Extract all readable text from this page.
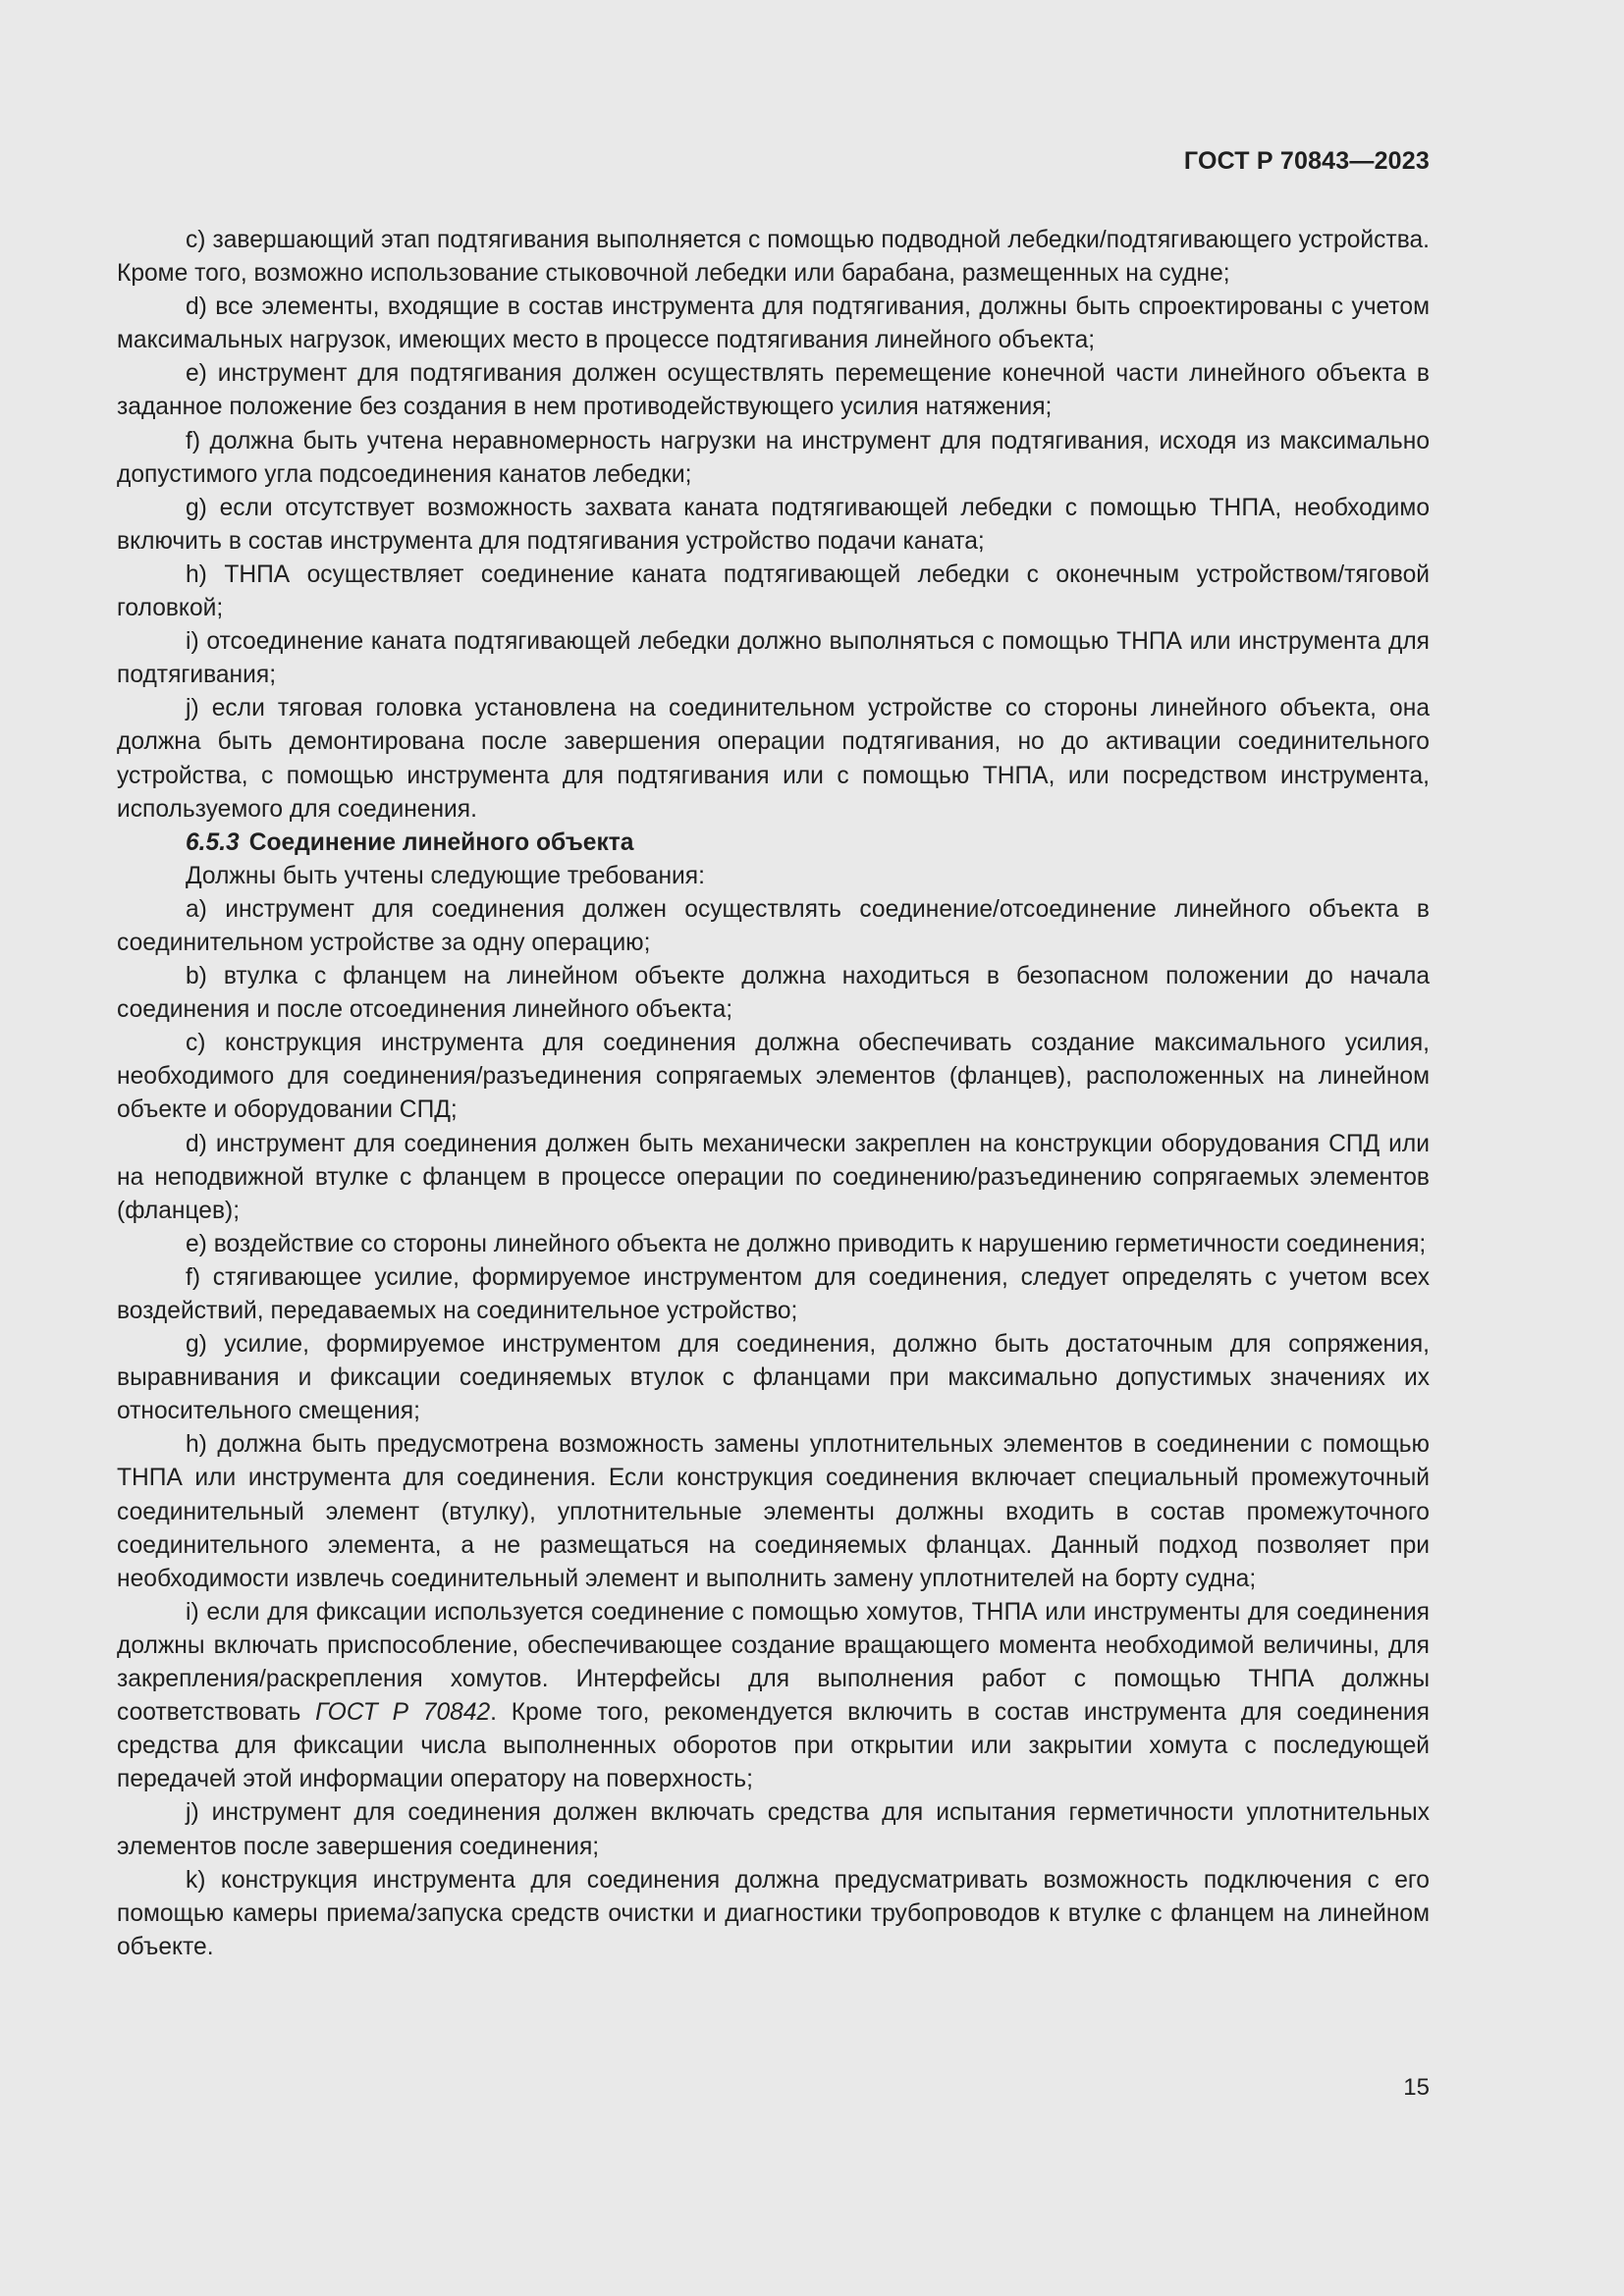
ГОСТ Р 70843—2023

c) завершающий этап подтягивания выполняется с помощью подводной лебедки/подтягивающего устройства. Кроме того, возможно использование стыковочной лебедки или барабана, размещенных на судне;

d) все элементы, входящие в состав инструмента для подтягивания, должны быть спроектированы с учетом максимальных нагрузок, имеющих место в процессе подтягивания линейного объекта;

e) инструмент для подтягивания должен осуществлять перемещение конечной части линейного объекта в заданное положение без создания в нем противодействующего усилия натяжения;

f) должна быть учтена неравномерность нагрузки на инструмент для подтягивания, исходя из максимально допустимого угла подсоединения канатов лебедки;

g) если отсутствует возможность захвата каната подтягивающей лебедки с помощью ТНПА, необходимо включить в состав инструмента для подтягивания устройство подачи каната;

h) ТНПА осуществляет соединение каната подтягивающей лебедки с оконечным устройством/тяговой головкой;

i) отсоединение каната подтягивающей лебедки должно выполняться с помощью ТНПА или инструмента для подтягивания;

j) если тяговая головка установлена на соединительном устройстве со стороны линейного объекта, она должна быть демонтирована после завершения операции подтягивания, но до активации соединительного устройства, с помощью инструмента для подтягивания или с помощью ТНПА, или посредством инструмента, используемого для соединения.

6.5.3 Соединение линейного объекта

Должны быть учтены следующие требования:

a) инструмент для соединения должен осуществлять соединение/отсоединение линейного объекта в соединительном устройстве за одну операцию;

b) втулка с фланцем на линейном объекте должна находиться в безопасном положении до начала соединения и после отсоединения линейного объекта;

c) конструкция инструмента для соединения должна обеспечивать создание максимального усилия, необходимого для соединения/разъединения сопрягаемых элементов (фланцев), расположенных на линейном объекте и оборудовании СПД;

d) инструмент для соединения должен быть механически закреплен на конструкции оборудования СПД или на неподвижной втулке с фланцем в процессе операции по соединению/разъединению сопрягаемых элементов (фланцев);

e) воздействие со стороны линейного объекта не должно приводить к нарушению герметичности соединения;

f) стягивающее усилие, формируемое инструментом для соединения, следует определять с учетом всех воздействий, передаваемых на соединительное устройство;

g) усилие, формируемое инструментом для соединения, должно быть достаточным для сопряжения, выравнивания и фиксации соединяемых втулок с фланцами при максимально допустимых значениях их относительного смещения;

h) должна быть предусмотрена возможность замены уплотнительных элементов в соединении с помощью ТНПА или инструмента для соединения. Если конструкция соединения включает специальный промежуточный соединительный элемент (втулку), уплотнительные элементы должны входить в состав промежуточного соединительного элемента, а не размещаться на соединяемых фланцах. Данный подход позволяет при необходимости извлечь соединительный элемент и выполнить замену уплотнителей на борту судна;

i) если для фиксации используется соединение с помощью хомутов, ТНПА или инструменты для соединения должны включать приспособление, обеспечивающее создание вращающего момента необходимой величины, для закрепления/раскрепления хомутов. Интерфейсы для выполнения работ с помощью ТНПА должны соответствовать ГОСТ Р 70842. Кроме того, рекомендуется включить в состав инструмента для соединения средства для фиксации числа выполненных оборотов при открытии или закрытии хомута с последующей передачей этой информации оператору на поверхность;

j) инструмент для соединения должен включать средства для испытания герметичности уплотнительных элементов после завершения соединения;

k) конструкция инструмента для соединения должна предусматривать возможность подключения с его помощью камеры приема/запуска средств очистки и диагностики трубопроводов к втулке с фланцем на линейном объекте.

15
